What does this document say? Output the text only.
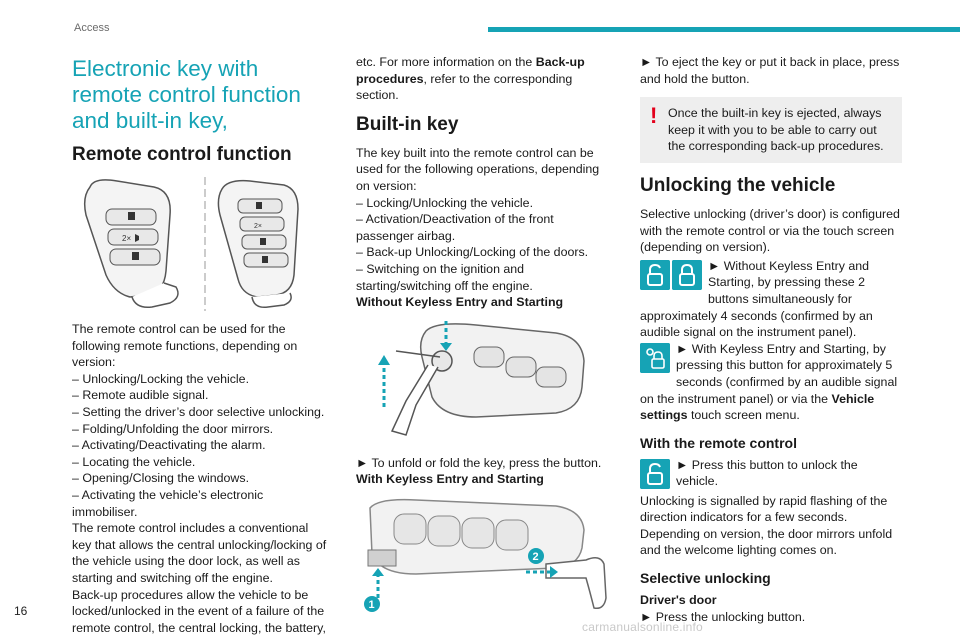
Access
Electronic key with remote control function and built-in key,
Remote control function
2×
2×

The remote control can be used for the following remote functions, depending on version:

– Unlocking/Locking the vehicle.
– Remote audible signal.
– Setting the driver’s door selective unlocking.
– Folding/Unfolding the door mirrors.
– Activating/Deactivating the alarm.
– Locating the vehicle.
– Opening/Closing the windows.
– Activating the vehicle’s electronic immobiliser.

The remote control includes a conventional key that allows the central unlocking/locking of the vehicle using the door lock, as well as starting and switching off the engine.

Back-up procedures allow the vehicle to be locked/unlocked in the event of a failure of the remote control, the central locking, the battery,

etc. For more information on the Back-up procedures, refer to the corresponding section.

Built-in key

The key built into the remote control can be used for the following operations, depending on version:

– Locking/Unlocking the vehicle.
– Activation/Deactivation of the front passenger airbag.
– Back-up Unlocking/Locking of the doors.
– Switching on the ignition and starting/switching off the engine.

Without Keyless Entry and Starting

► To unfold or fold the key, press the button.

With Keyless Entry and Starting

1
2

► To eject the key or put it back in place, press and hold the button.

! Once the built-in key is ejected, always keep it with you to be able to carry out the corresponding back-up procedures.
Unlocking the vehicle

Selective unlocking (driver’s door) is configured with the remote control or via the touch screen (depending on version).

► Without Keyless Entry and Starting, by pressing these 2 buttons simultaneously for approximately 4 seconds (confirmed by an audible signal on the instrument panel).

► With Keyless Entry and Starting, by pressing this button for approximately 5 seconds (confirmed by an audible signal on the instrument panel) or via the Vehicle settings touch screen menu.

With the remote control

► Press this button to unlock the vehicle.

Unlocking is signalled by rapid flashing of the direction indicators for a few seconds. Depending on version, the door mirrors unfold and the welcome lighting comes on.

Selective unlocking

Driver's door

► Press the unlocking button.

16
carmanualsonline.info
